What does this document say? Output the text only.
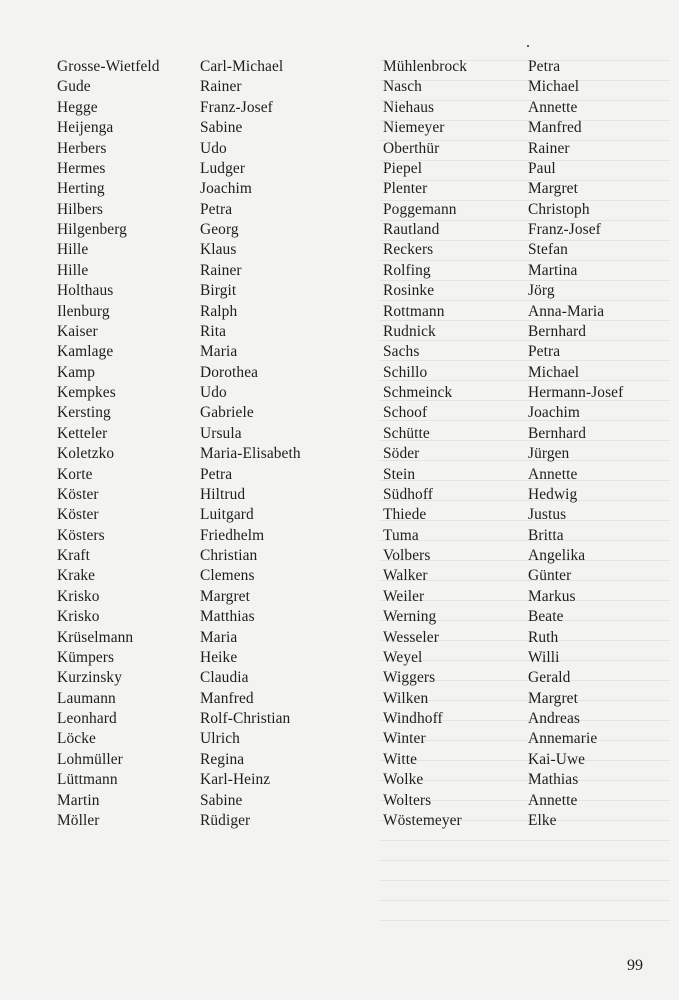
Grosse-Wietfeld	Carl-Michael	Mühlenbrock	Petra
Gude	Rainer	Nasch	Michael
Hegge	Franz-Josef	Niehaus	Annette
Heijenga	Sabine	Niemeyer	Manfred
Herbers	Udo	Oberthür	Rainer
Hermes	Ludger	Piepel	Paul
Herting	Joachim	Plenter	Margret
Hilbers	Petra	Poggemann	Christoph
Hilgenberg	Georg	Rautland	Franz-Josef
Hille	Klaus	Reckers	Stefan
Hille	Rainer	Rolfing	Martina
Holthaus	Birgit	Rosinke	Jörg
Ilenburg	Ralph	Rottmann	Anna-Maria
Kaiser	Rita	Rudnick	Bernhard
Kamlage	Maria	Sachs	Petra
Kamp	Dorothea	Schillo	Michael
Kempkes	Udo	Schmeinck	Hermann-Josef
Kersting	Gabriele	Schoof	Joachim
Ketteler	Ursula	Schütte	Bernhard
Koletzko	Maria-Elisabeth	Söder	Jürgen
Korte	Petra	Stein	Annette
Köster	Hiltrud	Südhoff	Hedwig
Köster	Luitgard	Thiede	Justus
Kösters	Friedhelm	Tuma	Britta
Kraft	Christian	Volbers	Angelika
Krake	Clemens	Walker	Günter
Krisko	Margret	Weiler	Markus
Krisko	Matthias	Werning	Beate
Krüselmann	Maria	Wesseler	Ruth
Kümpers	Heike	Weyel	Willi
Kurzinsky	Claudia	Wiggers	Gerald
Laumann	Manfred	Wilken	Margret
Leonhard	Rolf-Christian	Windhoff	Andreas
Löcke	Ulrich	Winter	Annemarie
Lohmüller	Regina	Witte	Kai-Uwe
Lüttmann	Karl-Heinz	Wolke	Mathias
Martin	Sabine	Wolters	Annette
Möller	Rüdiger	Wöstemeyer	Elke
99
